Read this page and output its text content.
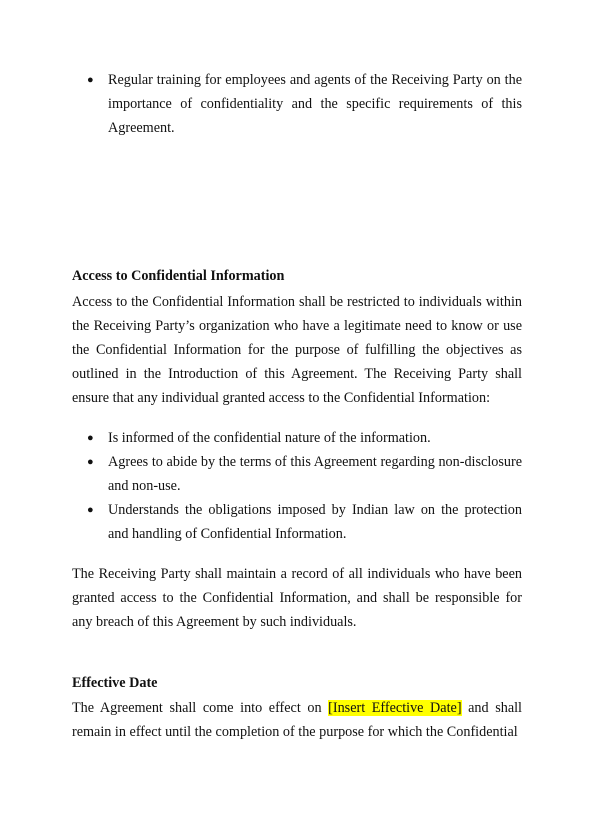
● Regular training for employees and agents of the Receiving Party on the importance of confidentiality and the specific requirements of this Agreement.
Access to Confidential Information
Access to the Confidential Information shall be restricted to individuals within the Receiving Party’s organization who have a legitimate need to know or use the Confidential Information for the purpose of fulfilling the objectives as outlined in the Introduction of this Agreement. The Receiving Party shall ensure that any individual granted access to the Confidential Information:
● Is informed of the confidential nature of the information.
● Agrees to abide by the terms of this Agreement regarding non-disclosure and non-use.
● Understands the obligations imposed by Indian law on the protection and handling of Confidential Information.
The Receiving Party shall maintain a record of all individuals who have been granted access to the Confidential Information, and shall be responsible for any breach of this Agreement by such individuals.
Effective Date
The Agreement shall come into effect on [Insert Effective Date] and shall remain in effect until the completion of the purpose for which the Confidential
